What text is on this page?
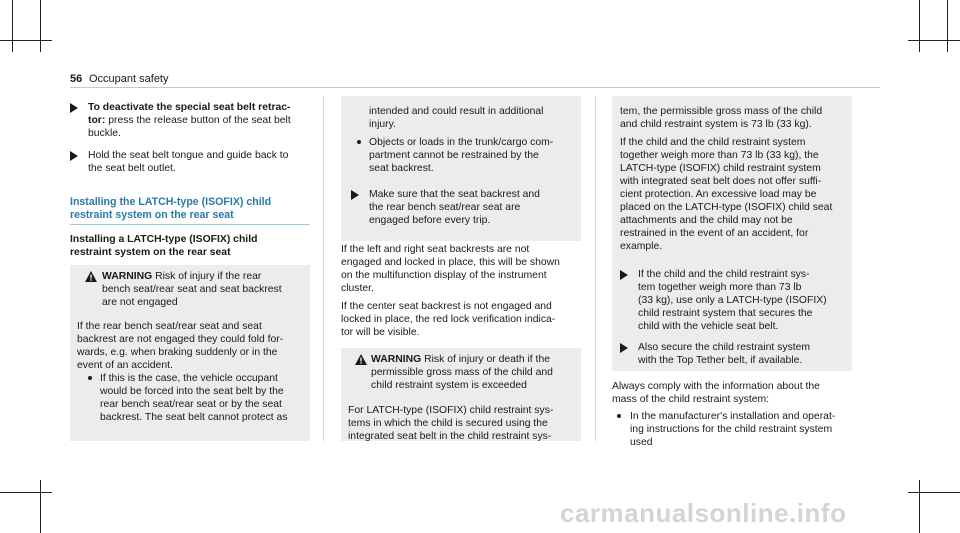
56 Occupant safety
To deactivate the special seat belt retrac-
tor: press the release button of the seat belt
buckle.
Hold the seat belt tongue and guide back to
the seat belt outlet.
Installing the LATCH-type (ISOFIX) child
restraint system on the rear seat
Installing a LATCH-type (ISOFIX) child
restraint system on the rear seat
WARNING Risk of injury if the rear
bench seat/rear seat and seat backrest
are not engaged
If the rear bench seat/rear seat and seat
backrest are not engaged they could fold for-
wards, e.g. when braking suddenly or in the
event of an accident.
If this is the case, the vehicle occupant
would be forced into the seat belt by the
rear bench seat/rear seat or by the seat
backrest. The seat belt cannot protect as
intended and could result in additional
injury.
Objects or loads in the trunk/cargo com-
partment cannot be restrained by the
seat backrest.
Make sure that the seat backrest and
the rear bench seat/rear seat are
engaged before every trip.
If the left and right seat backrests are not
engaged and locked in place, this will be shown
on the multifunction display of the instrument
cluster.
If the center seat backrest is not engaged and
locked in place, the red lock verification indica-
tor will be visible.
WARNING Risk of injury or death if the
permissible gross mass of the child and
child restraint system is exceeded
For LATCH-type (ISOFIX) child restraint sys-
tems in which the child is secured using the
integrated seat belt in the child restraint sys-
tem, the permissible gross mass of the child
and child restraint system is 73 lb (33 kg).
If the child and the child restraint system
together weigh more than 73 lb (33 kg), the
LATCH-type (ISOFIX) child restraint system
with integrated seat belt does not offer suffi-
cient protection. An excessive load may be
placed on the LATCH-type (ISOFIX) child seat
attachments and the child may not be
restrained in the event of an accident, for
example.
If the child and the child restraint sys-
tem together weigh more than 73 lb
(33 kg), use only a LATCH-type (ISOFIX)
child restraint system that secures the
child with the vehicle seat belt.
Also secure the child restraint system
with the Top Tether belt, if available.
Always comply with the information about the
mass of the child restraint system:
In the manufacturer's installation and operat-
ing instructions for the child restraint system
used
carmanualsonline.info
